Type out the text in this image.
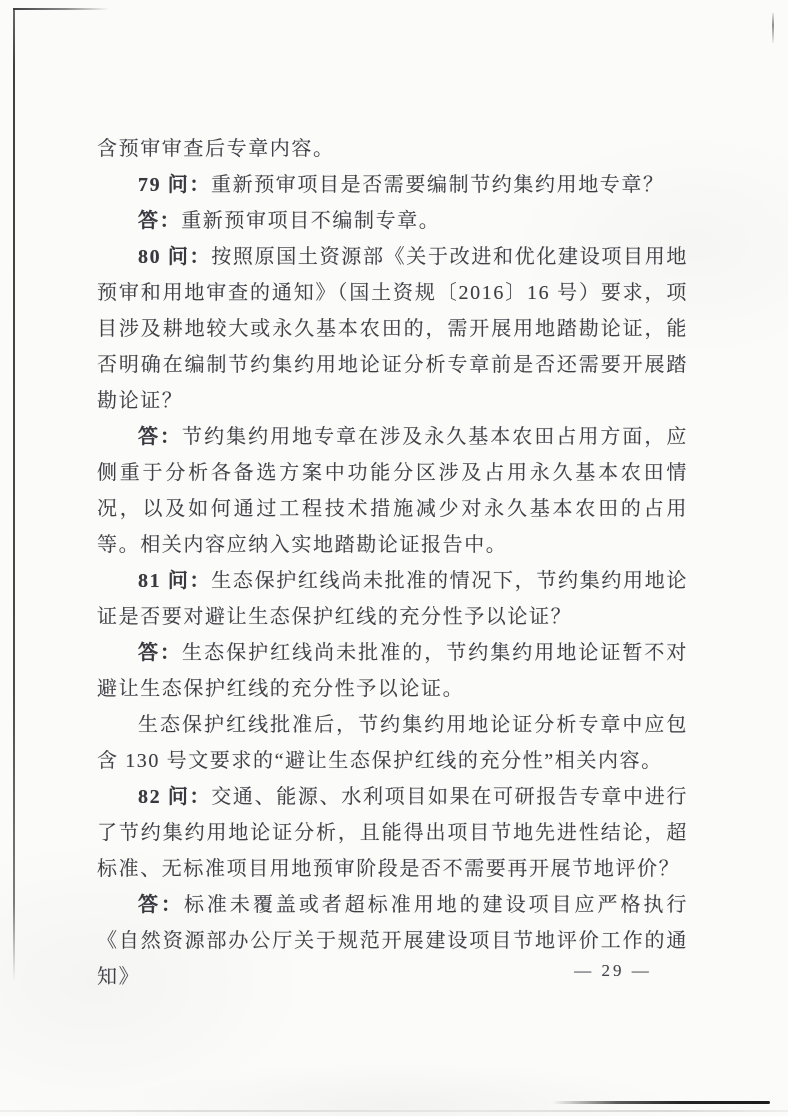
含预审审查后专章内容。

79 问：重新预审项目是否需要编制节约集约用地专章？

答：重新预审项目不编制专章。

80 问：按照原国土资源部《关于改进和优化建设项目用地预审和用地审查的通知》（国土资规〔2016〕16 号）要求，项目涉及耕地较大或永久基本农田的，需开展用地踏勘论证，能否明确在编制节约集约用地论证分析专章前是否还需要开展踏勘论证？

答：节约集约用地专章在涉及永久基本农田占用方面，应侧重于分析各备选方案中功能分区涉及占用永久基本农田情况，以及如何通过工程技术措施减少对永久基本农田的占用等。相关内容应纳入实地踏勘论证报告中。

81 问：生态保护红线尚未批准的情况下，节约集约用地论证是否要对避让生态保护红线的充分性予以论证？

答：生态保护红线尚未批准的，节约集约用地论证暂不对避让生态保护红线的充分性予以论证。

生态保护红线批准后，节约集约用地论证分析专章中应包含 130 号文要求的“避让生态保护红线的充分性”相关内容。

82 问：交通、能源、水利项目如果在可研报告专章中进行了节约集约用地论证分析，且能得出项目节地先进性结论，超标准、无标准项目用地预审阶段是否不需要再开展节地评价？

答：标准未覆盖或者超标准用地的建设项目应严格执行《自然资源部办公厅关于规范开展建设项目节地评价工作的通知》	— 29 —
